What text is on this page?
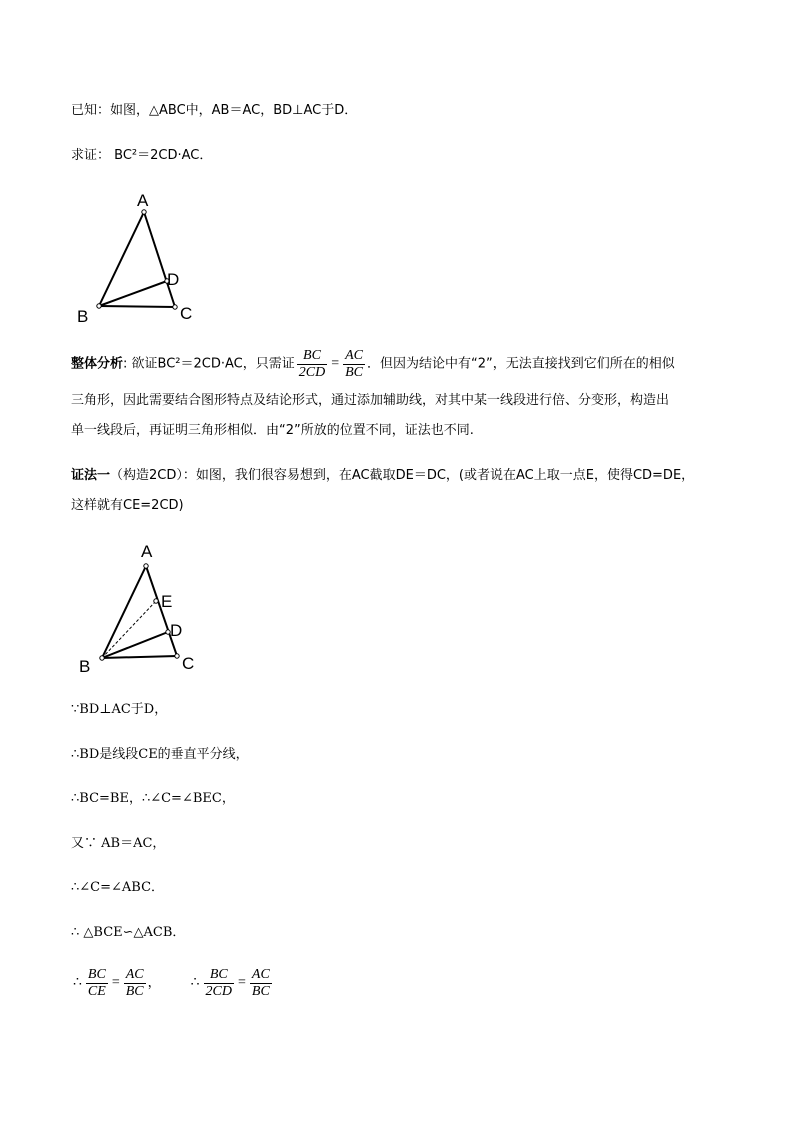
已知：如图，△ABC中，AB＝AC，BD⊥AC于D．
求证： BC²＝2CD·AC．
A
B	C
D
整体分析: 欲证BC²＝2CD·AC，只需证 $\frac{BC}{2CD} = \frac{AC}{BC}$ ．但因为结论中有“2”，无法直接找到它们所在的相似
三角形，因此需要结合图形特点及结论形式，通过添加辅助线，对其中某一线段进行倍、分变形，构造出
单一线段后，再证明三角形相似．由“2”所放的位置不同，证法也不同.
证法一（构造2CD）：如图，我们很容易想到，在AC截取DE＝DC，(或者说在AC上取一点E，使得CD=DE，
这样就有CE=2CD)
A
B	C
D
E
∵BD⊥AC于D，
∴BD是线段CE的垂直平分线，
∴BC=BE，∴∠C=∠BEC，
又∵ AB＝AC，
∴∠C=∠ABC．
∴ △BCE∽△ACB．
∴ $\frac{BC}{CE} = \frac{AC}{BC}$ ， ∴ $\frac{BC}{2CD} = \frac{AC}{BC}$
